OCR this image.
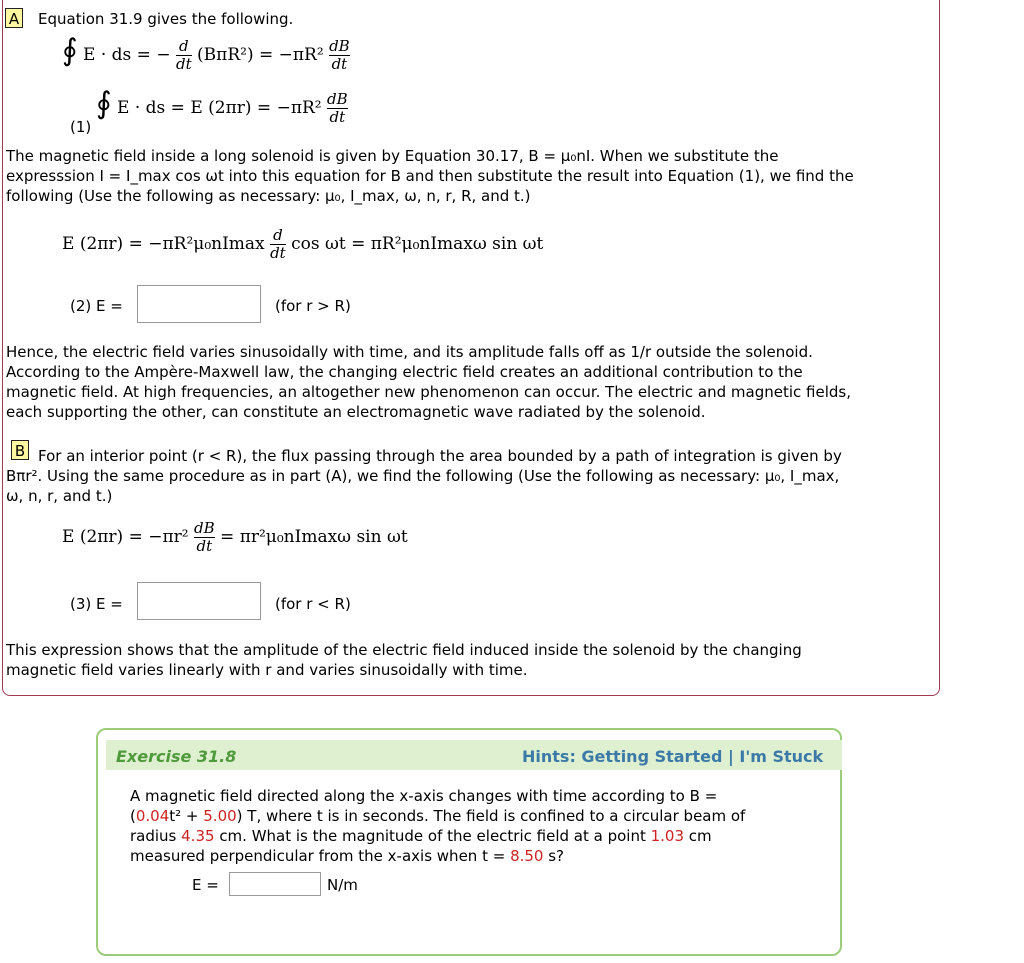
A Equation 31.9 gives the following.
∮ E · ds = − $\frac{d}{dt} (B\pi R^2) = -\pi R^2 \frac{dB}{dt}$
(1)
∮ E · ds = E $(2\pi r) = -\pi R^2 \frac{dB}{dt}$
The magnetic field inside a long solenoid is given by Equation 30.17, B = μ₀nI. When we substitute the
expresssion I = I_max cos ωt into this equation for B and then substitute the result into Equation (1), we find the
following (Use the following as necessary: μ₀, I_max, ω, n, r, R, and t.)
E $(2\pi r) = -\pi R^2\mu_0nImax \frac{d}{dt}$ cos ωt = πR²μ₀nImaxω sin ωt
(2) E =	(for r > R)
Hence, the electric field varies sinusoidally with time, and its amplitude falls off as 1/r outside the solenoid.
According to the Ampère-Maxwell law, the changing electric field creates an additional contribution to the
magnetic field. At high frequencies, an altogether new phenomenon can occur. The electric and magnetic fields,
each supporting the other, can constitute an electromagnetic wave radiated by the solenoid.
B For an interior point (r < R), the flux passing through the area bounded by a path of integration is given by
Bπr². Using the same procedure as in part (A), we find the following (Use the following as necessary: μ₀, I_max,
ω, n, r, and t.)
E $(2\pi r) = -\pi r^2 \frac{dB}{dt} = \pi r^2\mu_0nImax\omega$ sin ωt
(3) E =	(for r < R)
This expression shows that the amplitude of the electric field induced inside the solenoid by the changing
magnetic field varies linearly with r and varies sinusoidally with time.
Exercise 31.8	Hints: Getting Started | I'm Stuck
A magnetic field directed along the x-axis changes with time according to B =
(0.04t² + 5.00) T, where t is in seconds. The field is confined to a circular beam of
radius 4.35 cm. What is the magnitude of the electric field at a point 1.03 cm
measured perpendicular from the x-axis when t = 8.50 s?
E =	N/m
